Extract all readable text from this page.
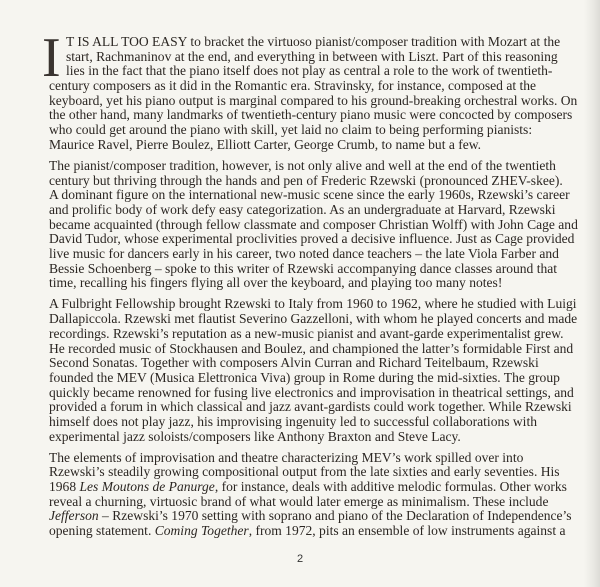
I T IS ALL TOO EASY to bracket the virtuoso pianist/composer tradition with Mozart at the
start, Rachmaninov at the end, and everything in between with Liszt. Part of this reasoning
lies in the fact that the piano itself does not play as central a role to the work of twentieth-
century composers as it did in the Romantic era. Stravinsky, for instance, composed at the
keyboard, yet his piano output is marginal compared to his ground-breaking orchestral works. On
the other hand, many landmarks of twentieth-century piano music were concocted by composers
who could get around the piano with skill, yet laid no claim to being performing pianists:
Maurice Ravel, Pierre Boulez, Elliott Carter, George Crumb, to name but a few.
The pianist/composer tradition, however, is not only alive and well at the end of the twentieth
century but thriving through the hands and pen of Frederic Rzewski (pronounced ZHEV-skee).
A dominant figure on the international new-music scene since the early 1960s, Rzewski’s career
and prolific body of work defy easy categorization. As an undergraduate at Harvard, Rzewski
became acquainted (through fellow classmate and composer Christian Wolff) with John Cage and
David Tudor, whose experimental proclivities proved a decisive influence. Just as Cage provided
live music for dancers early in his career, two noted dance teachers – the late Viola Farber and
Bessie Schoenberg – spoke to this writer of Rzewski accompanying dance classes around that
time, recalling his fingers flying all over the keyboard, and playing too many notes!
A Fulbright Fellowship brought Rzewski to Italy from 1960 to 1962, where he studied with Luigi
Dallapiccola. Rzewski met flautist Severino Gazzelloni, with whom he played concerts and made
recordings. Rzewski’s reputation as a new-music pianist and avant-garde experimentalist grew.
He recorded music of Stockhausen and Boulez, and championed the latter’s formidable First and
Second Sonatas. Together with composers Alvin Curran and Richard Teitelbaum, Rzewski
founded the MEV (Musica Elettronica Viva) group in Rome during the mid-sixties. The group
quickly became renowned for fusing live electronics and improvisation in theatrical settings, and
provided a forum in which classical and jazz avant-gardists could work together. While Rzewski
himself does not play jazz, his improvising ingenuity led to successful collaborations with
experimental jazz soloists/composers like Anthony Braxton and Steve Lacy.
The elements of improvisation and theatre characterizing MEV’s work spilled over into
Rzewski’s steadily growing compositional output from the late sixties and early seventies. His
1968 Les Moutons de Panurge, for instance, deals with additive melodic formulas. Other works
reveal a churning, virtuosic brand of what would later emerge as minimalism. These include
Jefferson – Rzewski’s 1970 setting with soprano and piano of the Declaration of Independence’s
opening statement. Coming Together, from 1972, pits an ensemble of low instruments against a
2
